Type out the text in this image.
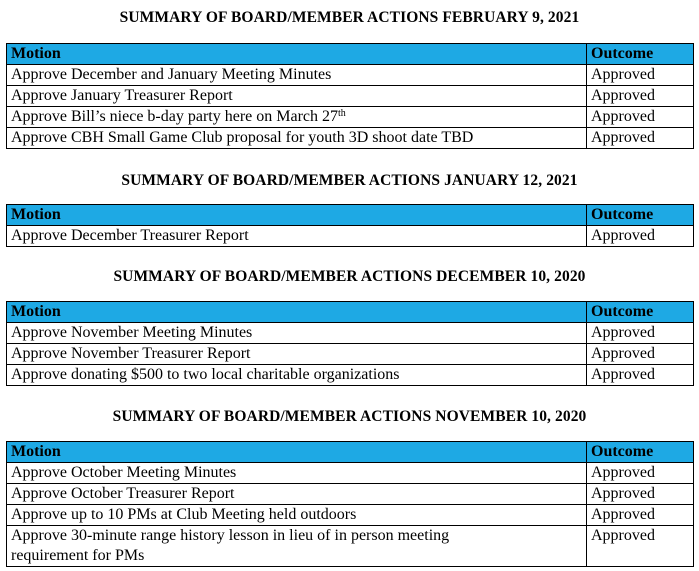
SUMMARY OF BOARD/MEMBER ACTIONS FEBRUARY 9, 2021
Motion	Outcome
Approve December and January Meeting Minutes	Approved
Approve January Treasurer Report	Approved
Approve Bill’s niece b-day party here on March 27th	Approved
Approve CBH Small Game Club proposal for youth 3D shoot date TBD	Approved
SUMMARY OF BOARD/MEMBER ACTIONS JANUARY 12, 2021
Motion	Outcome
Approve December Treasurer Report	Approved
SUMMARY OF BOARD/MEMBER ACTIONS DECEMBER 10, 2020
Motion	Outcome
Approve November Meeting Minutes	Approved
Approve November Treasurer Report	Approved
Approve donating $500 to two local charitable organizations	Approved
SUMMARY OF BOARD/MEMBER ACTIONS NOVEMBER 10, 2020
Motion	Outcome
Approve October Meeting Minutes	Approved
Approve October Treasurer Report	Approved
Approve up to 10 PMs at Club Meeting held outdoors	Approved
Approve 30-minute range history lesson in lieu of in person meeting requirement for PMs	Approved
